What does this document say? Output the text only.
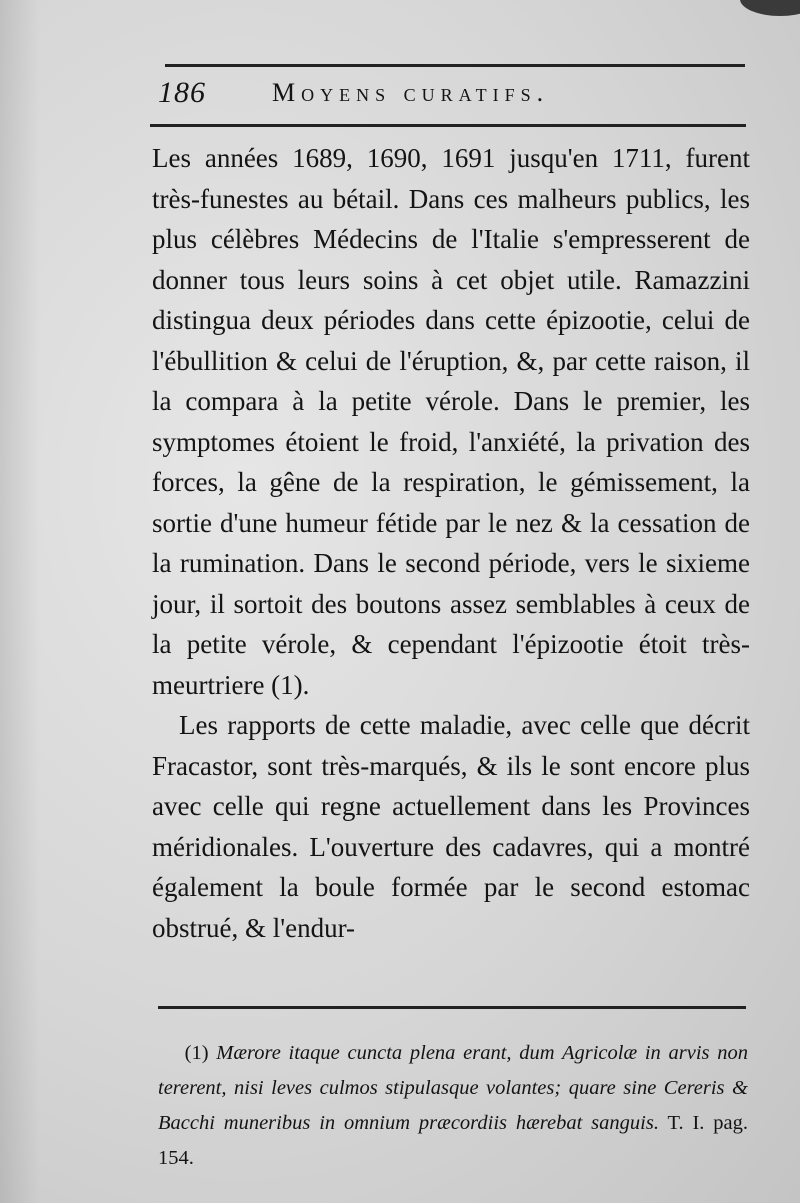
186	Moyens curatifs.

Les années 1689, 1690, 1691 jusqu'en 1711, furent très-funestes au bétail. Dans ces malheurs publics, les plus célèbres Médecins de l'Italie s'empresserent de donner tous leurs soins à cet objet utile. Ramazzini distingua deux périodes dans cette épizootie, celui de l'ébullition & celui de l'éruption, &, par cette raison, il la compara à la petite vérole. Dans le premier, les symptomes étoient le froid, l'anxiété, la privation des forces, la gêne de la respiration, le gémissement, la sortie d'une humeur fétide par le nez & la cessation de la rumination. Dans le second période, vers le sixieme jour, il sortoit des boutons assez semblables à ceux de la petite vérole, & cependant l'épizootie étoit très-meurtriere (1).

Les rapports de cette maladie, avec celle que décrit Fracastor, sont très-marqués, & ils le sont encore plus avec celle qui regne actuellement dans les Provinces méridionales. L'ouverture des cadavres, qui a montré également la boule formée par le second estomac obstrué, & l'endur-

(1) Mærore itaque cuncta plena erant, dum Agricolæ in arvis non tererent, nisi leves culmos stipulasque volantes; quare sine Cereris & Bacchi muneribus in omnium præcordiis hærebat sanguis. T. I. pag. 154.
